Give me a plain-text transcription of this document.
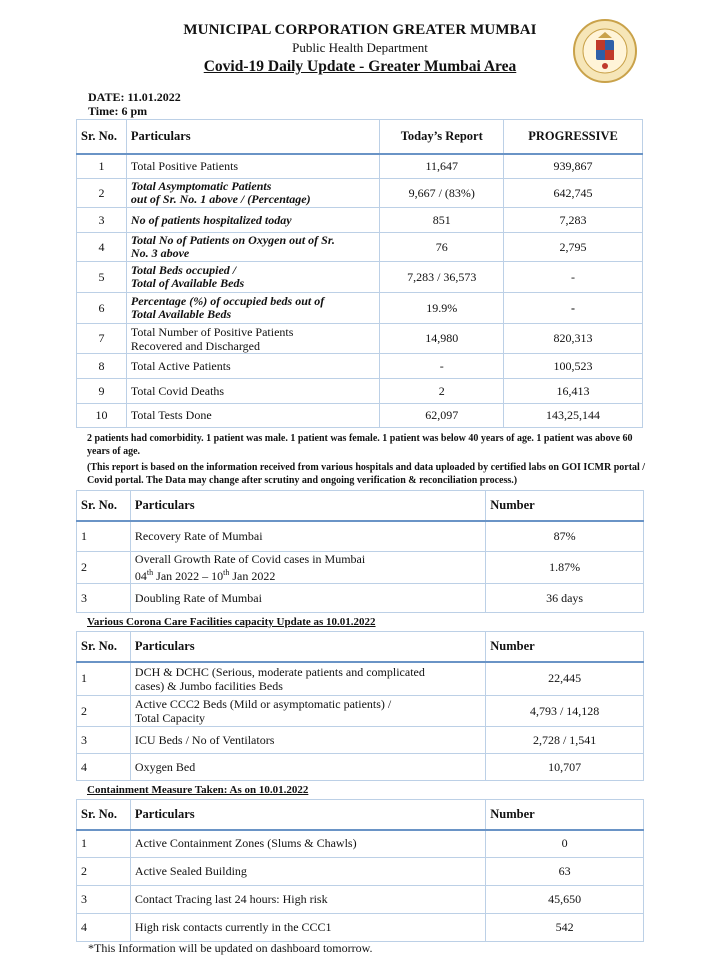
MUNICIPAL CORPORATION GREATER MUMBAI
Public Health Department
Covid-19 Daily Update - Greater Mumbai Area
DATE: 11.01.2022
Time: 6 pm
Sr. No.	Particulars	Today’s Report	PROGRESSIVE
1	Total Positive Patients	11,647	939,867
2	Total Asymptomatic Patients
out of Sr. No. 1 above / (Percentage)	9,667 / (83%)	642,745
3	No of patients hospitalized today	851	7,283
4	Total No of Patients on Oxygen out of Sr.
No. 3 above	76	2,795
5	Total Beds occupied /
Total of Available Beds	7,283 / 36,573	-
6	Percentage (%) of occupied beds out of
Total Available Beds	19.9%	-
7	Total Number of Positive Patients
Recovered and Discharged	14,980	820,313
8	Total Active Patients	-	100,523
9	Total Covid Deaths	2	16,413
10	Total Tests Done	62,097	143,25,144
2 patients had comorbidity. 1 patient was male. 1 patient was female. 1 patient was below 40 years of age. 1 patient was above 60 years of age.
(This report is based on the information received from various hospitals and data uploaded by certified labs on GOI ICMR portal / Covid portal. The Data may change after scrutiny and ongoing verification & reconciliation process.)
Sr. No.	Particulars	Number
1	Recovery Rate of Mumbai	87%
2	Overall Growth Rate of Covid cases in Mumbai
04th Jan 2022 – 10th Jan 2022	1.87%
3	Doubling Rate of Mumbai	36 days
Various Corona Care Facilities capacity Update as 10.01.2022
Sr. No.	Particulars	Number
1	DCH & DCHC (Serious, moderate patients and complicated
cases) & Jumbo facilities Beds	22,445
2	Active CCC2 Beds (Mild or asymptomatic patients) /
Total Capacity	4,793 / 14,128
3	ICU Beds / No of Ventilators	2,728 / 1,541
4	Oxygen Bed	10,707
Containment Measure Taken: As on 10.01.2022
Sr. No.	Particulars	Number
1	Active Containment Zones (Slums & Chawls)	0
2	Active Sealed Building	63
3	Contact Tracing last 24 hours: High risk	45,650
4	High risk contacts currently in the CCC1	542
*This Information will be updated on dashboard tomorrow.
